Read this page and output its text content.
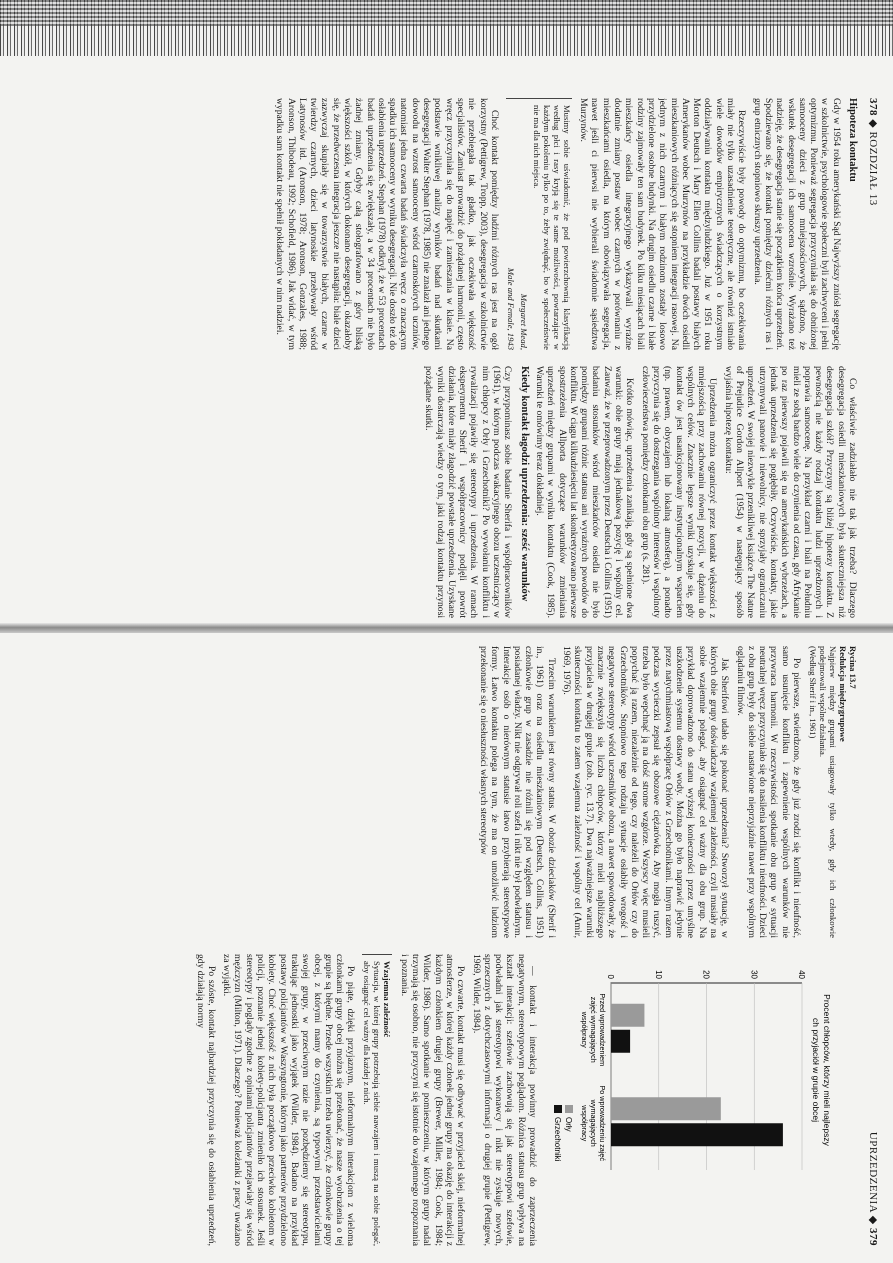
378 ◆ ROZDZIAŁ 13
Hipoteza kontaktu

Gdy w 1954 roku amerykański Sąd Najwyższy zniósł segregację w szkolnictwie, psychologowie społeczni byli zachwyceni i pełni optymizmu. Ponieważ segregacja przyczyniała się do obniżonej samooceny dzieci z grup mniejszościowych, sądzono, że wskutek desegregacji ich samoocena wzrośnie. Wyrażano też nadzieję, że desegregacja stanie się początkiem końca uprzedzeń. Spodziewano się, że kontakt pomiędzy dziećmi różnych ras i grup etnicznych stopniowo skruszy uprzedzenia.

Rzeczywiście były powody do optymizmu, bo oczekiwania miały nie tylko uzasadnienie teoretyczne, ale również istniało wiele dowodów empirycznych świadczących o korzystnym oddziaływaniu kontaktu międzyludzkiego. Już w 1951 roku Morton Deutsch i Mary Ellen Collins badali postawy białych Amerykanów wobec Murzynów na przykładzie dwóch osiedli mieszkaniowych różniących się stopniem integracji rasowej. Na jednym z nich czarnym i białym rodzinom zostały losowo przydzielone osobne budynki. Na drugim osiedlu czarne i białe rodziny zajmowały ten sam budynek. Po kilku miesiącach biali mieszkańcy osiedla integracyjnego wykazywali wyraźne dodatnie zmiany postaw wobec czarnych w porównaniu z mieszkańcami osiedla, na którym obowiązywała segregacja, nawet jeśli ci pierwsi nie wybierali świadomie sąsiedztwa Murzynów.

Musimy sobie uświadomić, że pod powierzchownią klasyfikacją według płci i rasy kryją się te same możliwości, powtarzające w każdym pokoleniu tylko po to, żeby zwiędnąć, bo w społeczeństwie nie ma dla nich miejsca.
Margaret Mead,
Male and Female, 1943

Choć kontakt pomiędzy ludźmi różnych ras jest na ogół korzystny (Pettigrew, Tropp, 2003), desegregacja w szkolnictwie nie przebiegała tak gładko, jak oczekiwała większość specjalistów. Zamiast prowadzić do pożądanej harmonii, często wręcz przyczyniała się do napięć i zamieszania w klasie. Na podstawie wnikliwej analizy wyników badań nad skutkami desegregacji Walter Stephan (1978, 1985) nie znalazł ani jednego dowodu na wzrost samooceny wśród czarnoskórych uczniów, natomiast jedna czwarta badań świadczyła wręcz o znaczącym spadku ich samooceny w wyniku desegregacji. Nie doszło też do osłabienia uprzedzeń. Stephan (1978) odkrył, że w 53 procentach badań uprzedzenia się zwiększały, a w 34 procentach nie było żadnej zmiany. Gdyby całą stołografowano z góry bliską większości szkół, w których dokonano desegregacji, okazałoby się, że przedwczesna integracja jeszcze nie nastąpiła: biale dzieci zazwyczaj skupiały się w towarzystwie białych, czarne w twierdzy czarnych, dzieci latynoskie przebywały wśród Latynosów itd. (Aronson, 1978; Aronson, Gonzales, 1988; Aronson, Thibodeau, 1992; Schofield, 1986). Jak widać, w tym wypadku sam kontakt nie spełnił pokładanych w nim nadziei.

Co właściwie zadziałało nie tak jak trzeba? Dlaczego desegregacja osiedli mieszkaniowych była skuteczniejsza niż desegregacja szkół? Przyczyny są bliżej hipotezy kontaktu. Z pewnością nie każdy rodzaj kontaktu ludzi uprzedzonych i poprawia samoocenę. Na przykład czarni i biali na Południu mieli ze sobą bardzo wiele do czynienia od czasu, gdy Afrykanie po raz pierwszy pojawili się na amerykańskich wybrzeżach, a jednak uprzedzenia się pogłębiły. Oczywiście, kontakty, jakie utrzymywali panowie i niewolnicy, nie sprzyjały ograniczaniu uprzedzeń. W swojej niezwykle przenikliwej książce The Nature of Prejudice Gordon Allport (1954) w następujący sposób wyjaśnia hipotezę kontaktu:

Uprzedzenia można ograniczyć przez kontakt większości z mniejszością przy zachowaniu równej pozycji, w dążeniu do wspólnych celów. Znacznie lepsze wyniki uzyskuje się, gdy kontakt ów jest usankcjonowany instytucjonalnym wsparciem (np. prawem, obyczajem lub lokalną atmosferą), a ponadto przyczynia się do dostrzegania wspólnoty interesów i wspólnoty człowieczeństwa pomiędzy członkami obu grup (s. 281).

Krótko mówiąc, uprzedzenia zanikają, gdy są spełnione dwa warunki: obie grupy mają jednakową pozycję i wspólny cel. Zauważ, że w przeprowadzonym przez Deutscha i Collins (1951) badaniu stosunków wśród mieszkańców osiedla nie było pomiędzy grupami różnic statusu ani wyraźnych powodów do konfliktu. W ciągu kilkudziesięciu lat skonkretyzowano pierwsze spostrzeżenia Allporta dotyczące warunków zmieniania uprzedzeń między grupami w wyniku kontaktu (Cook, 1985). Warunki te omówimy teraz dokładniej.

Kiedy kontakt łagodzi uprzedzenia: sześć warunków

Czy przypominasz sobie badanie Sherifa i współpracowników (1961), w którym podczas wakacyjnego obozu uczestniczący w nim chłopcy z Orły i Grzechotniki? Po wywołaniu konfliktu i rywalizacji pojawiły się stereotypy i uprzedzenia. W ramach eksperymentu Sherif i współpracownicy podjęli powrót działania, które miały złagodzić powstałe uprzedzenia. Uzyskane wyniki dostarczają wiedzy o tym, jaki rodzaj kontaktu przynosi pożądane skutki.

UPRZEDZENIA ◆ 379
Rycina 13.7
Redukcja międzygrupowe
Najpierw między grupami usiągowały tylko wtedy, gdy ich członkowie podejmowali wspólne działania.
(Według Sherif i in., 1961)

Po pierwsze, stwierdzono, że gdy już zrodzi się konflikt i nieufność, samo usunięcie konfliktu i zapewnienie wspólnych warunków nie przywraca harmonii. W rzeczywistości spotkanie obu grup w sytuacji neutralnej wręcz przyczyniało się do nasilenia konfliktu i nieufności. Dzieci z obu grup były do siebie nastawione nieprzyjaźnie nawet przy wspólnym oglądaniu filmów.

Jak Sherifowi udało się pokonać uprzedzenia? Stworzył sytuację, w których obie grupy doświadczały wzajemnej zależności, czyli musiały na sobie wzajemnie polegać, aby osiągnąć cel ważny dla obu grup. Na przykład doprowadzono do stanu wyższej konieczności przez umyślne uszkodzenie systemu dostawy wody. Można go było naprawić jedynie przez natychmiastową współpracę Orłów z Grzechotnikami. Innym razem podczas wycieczki zepsuł się obozowe ciężarówka. Aby mogła ruszyć, trzeba było wepchnąć ją na dość strome wzgórze. Wszyscy więc musieli popychać ją razem, niezależnie od tego, czy należeli do Orłów czy do Grzechotników. Stopniowo tego rodzaju sytuacje osłabiły wrogość i negatywne stereotypy wśród uczestników obozu, a nawet spowodowały, że znacznie zwiększyła się liczba chłopców, którzy mieli najbliższego przyjaciela w drugiej grupie (zob. ryc. 13.7). Dwa najważniejsze warunki skuteczności kontaktu to zatem wzajemna zależność i wspólny cel (Amir, 1969, 1976).

Trzecim warunkiem jest równy status. W obozie dzieciaków (Sherif i in., 1961) oraz na osiedlu mieszkaniowym (Deutsch, Collins, 1951) członkowie grup w zasadzie nie różnili się pod względem statusu i posiadanej władzy. Nikt nie odgrywał roli szefa i nikt nie był podwładnym. Interakcje osób o nierównym statusie łatwo przybierają stereotypowe formy. Łatwo kontaktu polega na tym, że ma on umożliwić ludziom przekonanie się o niesłuszności własnych stereotypów

Procent chłopców, którzy mieli najlepszy
ch przyjaciół w grupie obcej
0	10	20	30	40
Przed wprowadzeniem
zajęć wymagających
współpracy
Po wprowadzeniu zajęć
wymagających
współpracy
Orły
Grzechotniki

— kontakt i interakcja powinny prowadzić do zaprzeczenia negatywnym, stereotypowym poglądom. Różnica statusu grup wpływa na kształt interakcji: szefowie zachowują się jak stereotypowi szefowie, podwładni jak stereotypowi wykonawcy i nikt nie zyskuje nowych, sprzecznych z dotychczasowymi informacji o drugiej grupie (Pettigrew, 1969, Wilder, 1984).

Po czwarte, kontakt musi się odbywać w przyjaciel skiej, nieformalnej atmosferze, w której każdy członek jednej grupy ma okazję do interakcji z każdym członkiem drugiej grupy (Brewer, Miller, 1984; Cook, 1984; Wilder, 1986). Samo spotkanie w pomieszczeniu, w którym grupy nadal trzymają się osobno, nie przyczyni się istotnie do wzajemnego rozpoznania i poznania.

Wzajemna zależność
Sytuacja, w której grupy potrzebują siebie nawzajem i muszą na sobie polegać, aby osiągnąć cel ważny dla każdej z nich.

Po piąte, dzięki przyjaznym, nieformalnym interakcjom z wieloma członkami grupy obcej można się przekonać, że nasze wyobrażenia o tej grupie są błędne. Przede wszystkim trzeba uwierzyć, że członkowie grupy obcej, z którymi mamy do czynienia, są typowymi przedstawicielami swojej grupy, w przeciwnym razie nie pozbędziemy się stereotypu, traktując jednostki jako wyjątek (Wilder, 1984). Badano na przykład postawy policjantów w Waszyngtonie, którym jako partnerów przydzielono kobiety. Choć większość z nich była początkowo przeciwko kobietom w policji, poznanie jednej kobiety-policjanta zmieniło ich stosunek. Jeśli stereotypy i poglądy zgodne z opiniami policjantów przejawiały się wśród mężczyzn (Milton, 1971). Dlaczego? Ponieważ koleżanki z pracy uważano za wyjątki.

Po szóste, kontakt najbardziej przyczynia się do osłabienia uprzedzeń, gdy działają normy
